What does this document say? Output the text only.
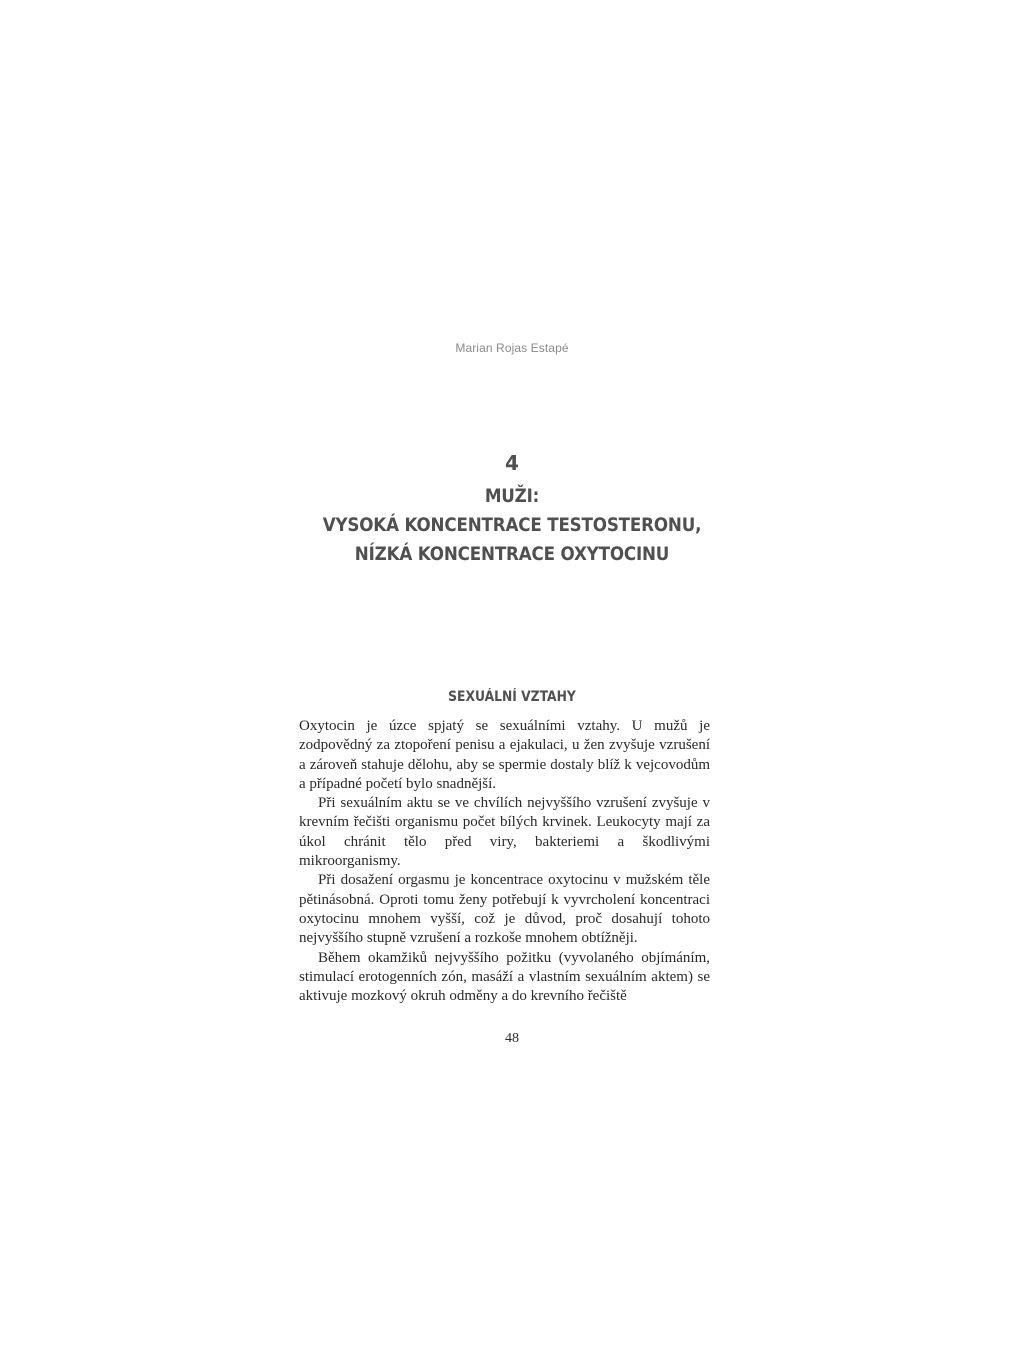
Marian Rojas Estapé
4
MUŽI:
VYSOKÁ KONCENTRACE TESTOSTERONU,
NÍZKÁ KONCENTRACE OXYTOCINU
SEXUÁLNÍ VZTAHY

Oxytocin je úzce spjatý se sexuálními vztahy. U mužů je zodpovědný za ztopoření penisu a ejakulaci, u žen zvyšuje vzrušení a zároveň stahuje dělohu, aby se spermie dostaly blíž k vejcovodům a případné početí bylo snadnější.

Při sexuálním aktu se ve chvílích nejvyššího vzrušení zvyšuje v krevním řečišti organismu počet bílých krvinek. Leukocyty mají za úkol chránit tělo před viry, bakteriemi a škodlivými mikroorganismy.

Při dosažení orgasmu je koncentrace oxytocinu v mužském těle pětinásobná. Oproti tomu ženy potřebují k vyvrcholení koncentraci oxytocinu mnohem vyšší, což je důvod, proč dosahují tohoto nejvyššího stupně vzrušení a rozkoše mnohem obtížněji.

Během okamžiků nejvyššího požitku (vyvolaného objímáním, stimulací erotogenních zón, masáží a vlastním sexuálním aktem) se aktivuje mozkový okruh odměny a do krevního řečiště

48
